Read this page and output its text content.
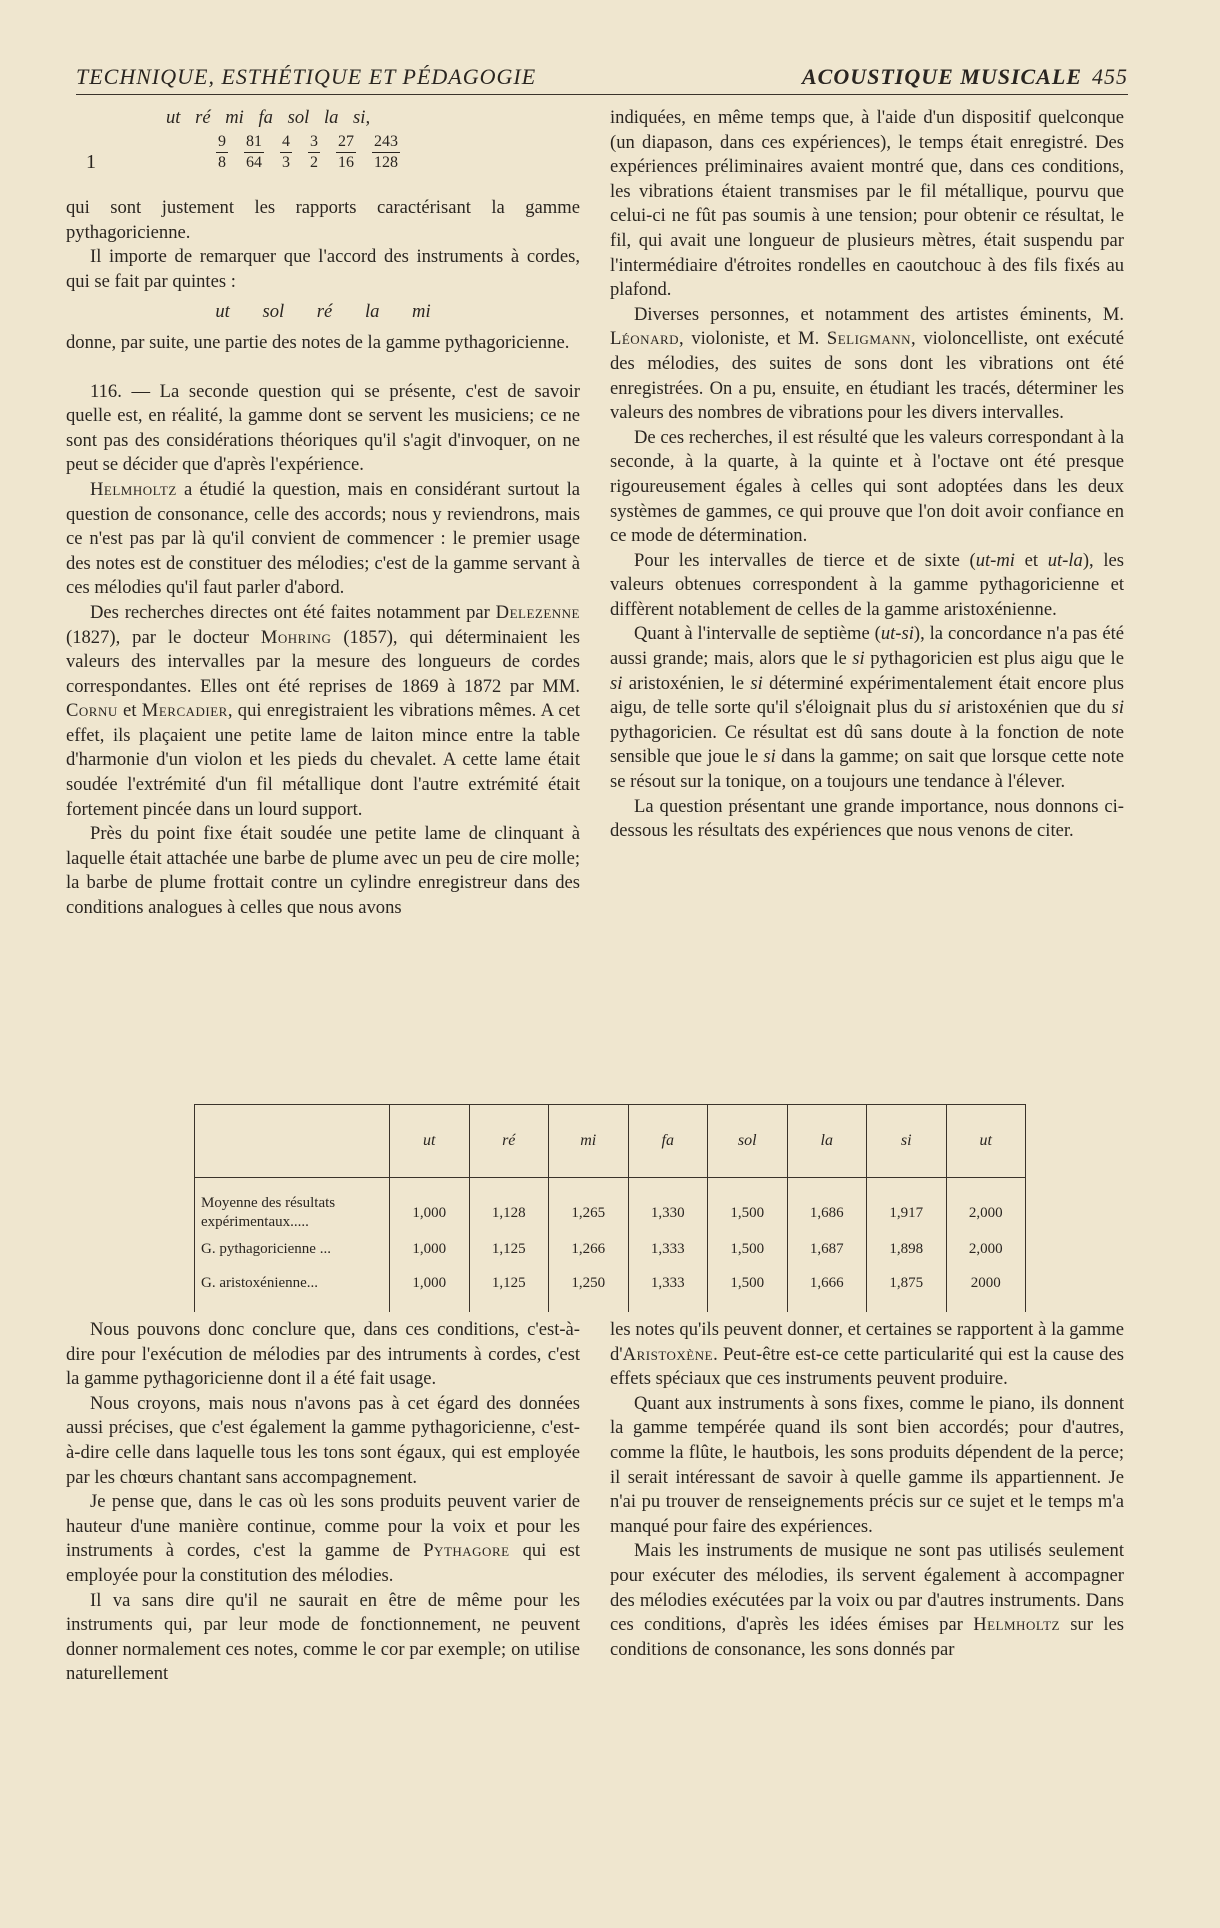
TECHNIQUE, ESTHÉTIQUE ET PÉDAGOGIE	ACOUSTIQUE MUSICALE 455
ut ré mi fa sol la si,
1	$\frac{9}{8} \frac{81}{64} \frac{4}{3} \frac{3}{2} \frac{27}{16} \frac{243}{128}$

qui sont justement les rapports caractérisant la gamme pythagoricienne.

Il importe de remarquer que l'accord des instruments à cordes, qui se fait par quintes :

ut sol ré la mi

donne, par suite, une partie des notes de la gamme pythagoricienne.

116. — La seconde question qui se présente, c'est de savoir quelle est, en réalité, la gamme dont se servent les musiciens; ce ne sont pas des considérations théoriques qu'il s'agit d'invoquer, on ne peut se décider que d'après l'expérience.

Helmholtz a étudié la question, mais en considérant surtout la question de consonance, celle des accords; nous y reviendrons, mais ce n'est pas par là qu'il convient de commencer : le premier usage des notes est de constituer des mélodies; c'est de la gamme servant à ces mélodies qu'il faut parler d'abord.

Des recherches directes ont été faites notamment par Delezenne (1827), par le docteur Mohring (1857), qui déterminaient les valeurs des intervalles par la mesure des longueurs de cordes correspondantes. Elles ont été reprises de 1869 à 1872 par MM. Cornu et Mercadier, qui enregistraient les vibrations mêmes. A cet effet, ils plaçaient une petite lame de laiton mince entre la table d'harmonie d'un violon et les pieds du chevalet. A cette lame était soudée l'extrémité d'un fil métallique dont l'autre extrémité était fortement pincée dans un lourd support.

Près du point fixe était soudée une petite lame de clinquant à laquelle était attachée une barbe de plume avec un peu de cire molle; la barbe de plume frottait contre un cylindre enregistreur dans des conditions analogues à celles que nous avons

indiquées, en même temps que, à l'aide d'un dispositif quelconque (un diapason, dans ces expériences), le temps était enregistré. Des expériences préliminaires avaient montré que, dans ces conditions, les vibrations étaient transmises par le fil métallique, pourvu que celui-ci ne fût pas soumis à une tension; pour obtenir ce résultat, le fil, qui avait une longueur de plusieurs mètres, était suspendu par l'intermédiaire d'étroites rondelles en caoutchouc à des fils fixés au plafond.

Diverses personnes, et notamment des artistes éminents, M. Léonard, violoniste, et M. Seligmann, violoncelliste, ont exécuté des mélodies, des suites de sons dont les vibrations ont été enregistrées. On a pu, ensuite, en étudiant les tracés, déterminer les valeurs des nombres de vibrations pour les divers intervalles.

De ces recherches, il est résulté que les valeurs correspondant à la seconde, à la quarte, à la quinte et à l'octave ont été presque rigoureusement égales à celles qui sont adoptées dans les deux systèmes de gammes, ce qui prouve que l'on doit avoir confiance en ce mode de détermination.

Pour les intervalles de tierce et de sixte (ut-mi et ut-la), les valeurs obtenues correspondent à la gamme pythagoricienne et diffèrent notablement de celles de la gamme aristoxénienne.

Quant à l'intervalle de septième (ut-si), la concordance n'a pas été aussi grande; mais, alors que le si pythagoricien est plus aigu que le si aristoxénien, le si déterminé expérimentalement était encore plus aigu, de telle sorte qu'il s'éloignait plus du si aristoxénien que du si pythagoricien. Ce résultat est dû sans doute à la fonction de note sensible que joue le si dans la gamme; on sait que lorsque cette note se résout sur la tonique, on a toujours une tendance à l'élever.

La question présentant une grande importance, nous donnons ci-dessous les résultats des expériences que nous venons de citer.

	ut	ré	mi	fa	sol	la	si	ut
Moyenne des résultats expérimentaux.....	1,000	1,128	1,265	1,330	1,500	1,686	1,917	2,000
G. pythagoricienne ...	1,000	1,125	1,266	1,333	1,500	1,687	1,898	2,000
G. aristoxénienne...	1,000	1,125	1,250	1,333	1,500	1,666	1,875	2000

Nous pouvons donc conclure que, dans ces conditions, c'est-à-dire pour l'exécution de mélodies par des intruments à cordes, c'est la gamme pythagoricienne dont il a été fait usage.

Nous croyons, mais nous n'avons pas à cet égard des données aussi précises, que c'est également la gamme pythagoricienne, c'est-à-dire celle dans laquelle tous les tons sont égaux, qui est employée par les chœurs chantant sans accompagnement.

Je pense que, dans le cas où les sons produits peuvent varier de hauteur d'une manière continue, comme pour la voix et pour les instruments à cordes, c'est la gamme de Pythagore qui est employée pour la constitution des mélodies.

Il va sans dire qu'il ne saurait en être de même pour les instruments qui, par leur mode de fonctionnement, ne peuvent donner normalement ces notes, comme le cor par exemple; on utilise naturellement

les notes qu'ils peuvent donner, et certaines se rapportent à la gamme d'Aristoxène. Peut-être est-ce cette particularité qui est la cause des effets spéciaux que ces instruments peuvent produire.

Quant aux instruments à sons fixes, comme le piano, ils donnent la gamme tempérée quand ils sont bien accordés; pour d'autres, comme la flûte, le hautbois, les sons produits dépendent de la perce; il serait intéressant de savoir à quelle gamme ils appartiennent. Je n'ai pu trouver de renseignements précis sur ce sujet et le temps m'a manqué pour faire des expériences.

Mais les instruments de musique ne sont pas utilisés seulement pour exécuter des mélodies, ils servent également à accompagner des mélodies exécutées par la voix ou par d'autres instruments. Dans ces conditions, d'après les idées émises par Helmholtz sur les conditions de consonance, les sons donnés par
